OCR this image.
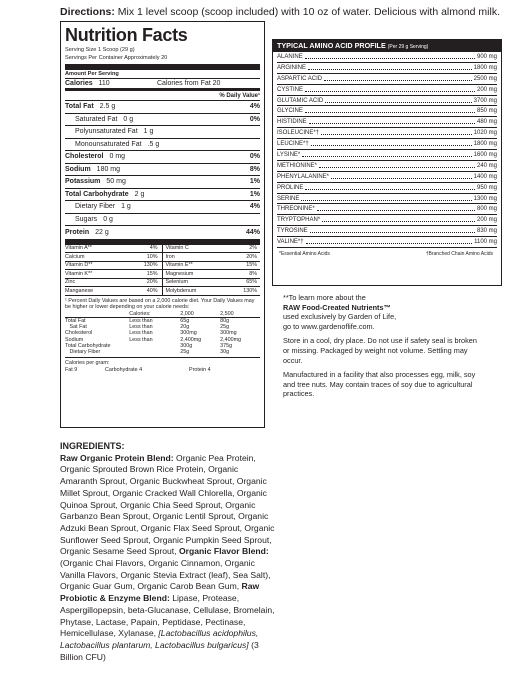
Directions: Mix 1 level scoop (scoop included) with 10 oz of water. Delicious with almond milk.
Nutrition Facts
Serving Size 1 Scoop (29 g)
Servings Per Container Approximately 20
Amount Per Serving
Calories 110	Calories from Fat 20
% Daily Value¹
Total Fat 2.5 g	4%
Saturated Fat 0 g	0%
Polyunsaturated Fat 1 g
Monounsaturated Fat .5 g
Cholesterol 0 mg	0%
Sodium 180 mg	8%
Potassium 50 mg	1%
Total Carbohydrate 2 g	1%
Dietary Fiber 1 g	4%
Sugars 0 g
Protein 22 g	44%
Vitamin A**	4% Vitamin C	2%
Calcium	10% Iron	20%
Vitamin D**	130% Vitamin E**	15%
Vitamin K**	15% Magnesium	8%
Zinc	20% Selenium	65%
Manganese	40% Molybdenum	130%
¹ Percent Daily Values are based on a 2,000 calorie diet. Your Daily Values may be higher or lower depending on your calorie needs:
	Calories:	2,000	2,500
Total Fat	Less than	65g	80g
Sat Fat	Less than	20g	25g
Cholesterol	Less than	300mg	300mg
Sodium	Less than	2,400mg	2,400mg
Total Carbohydrate		300g	375g
Dietary Fiber		25g	30g
Calories per gram:
Fat 9	Carbohydrate 4	Protein 4
TYPICAL AMINO ACID PROFILE (Per 29 g Serving)
ALANINE	900 mg
ARGININE	1800 mg
ASPARTIC ACID	2500 mg
CYSTINE	200 mg
GLUTAMIC ACID	3700 mg
GLYCINE	850 mg
HISTIDINE	480 mg
ISOLEUCINE*†	1020 mg
LEUCINE*†	1800 mg
LYSINE*	1600 mg
METHIONINE*	240 mg
PHENYLALANINE*	1400 mg
PROLINE	950 mg
SERINE	1300 mg
THREONINE*	800 mg
TRYPTOPHAN*	200 mg
TYROSINE	830 mg
VALINE*†	1100 mg
*Essential Amino Acids	†Branched Chain Amino Acids

**To learn more about the
RAW Food-Created Nutrients™
used exclusively by Garden of Life,
go to www.gardenoflife.com.

Store in a cool, dry place. Do not use if safety seal is broken or missing. Packaged by weight not volume. Settling may occur.

Manufactured in a facility that also processes egg, milk, soy and tree nuts. May contain traces of soy due to agricultural practices.

INGREDIENTS:
Raw Organic Protein Blend: Organic Pea Protein, Organic Sprouted Brown Rice Protein, Organic Amaranth Sprout, Organic Buckwheat Sprout, Organic Millet Sprout, Organic Cracked Wall Chlorella, Organic Quinoa Sprout, Organic Chia Seed Sprout, Organic Garbanzo Bean Sprout, Organic Lentil Sprout, Organic Adzuki Bean Sprout, Organic Flax Seed Sprout, Organic Sunflower Seed Sprout, Organic Pumpkin Seed Sprout, Organic Sesame Seed Sprout, Organic Flavor Blend: (Organic Chai Flavors, Organic Cinnamon, Organic Vanilla Flavors, Organic Stevia Extract (leaf), Sea Salt), Organic Guar Gum, Organic Carob Bean Gum, Raw Probiotic & Enzyme Blend: Lipase, Protease, Aspergillopepsin, beta-Glucanase, Cellulase, Bromelain, Phytase, Lactase, Papain, Peptidase, Pectinase, Hemicellulase, Xylanase, [Lactobacillus acidophilus, Lactobacillus plantarum, Lactobacillus bulgaricus] (3 Billion CFU)
